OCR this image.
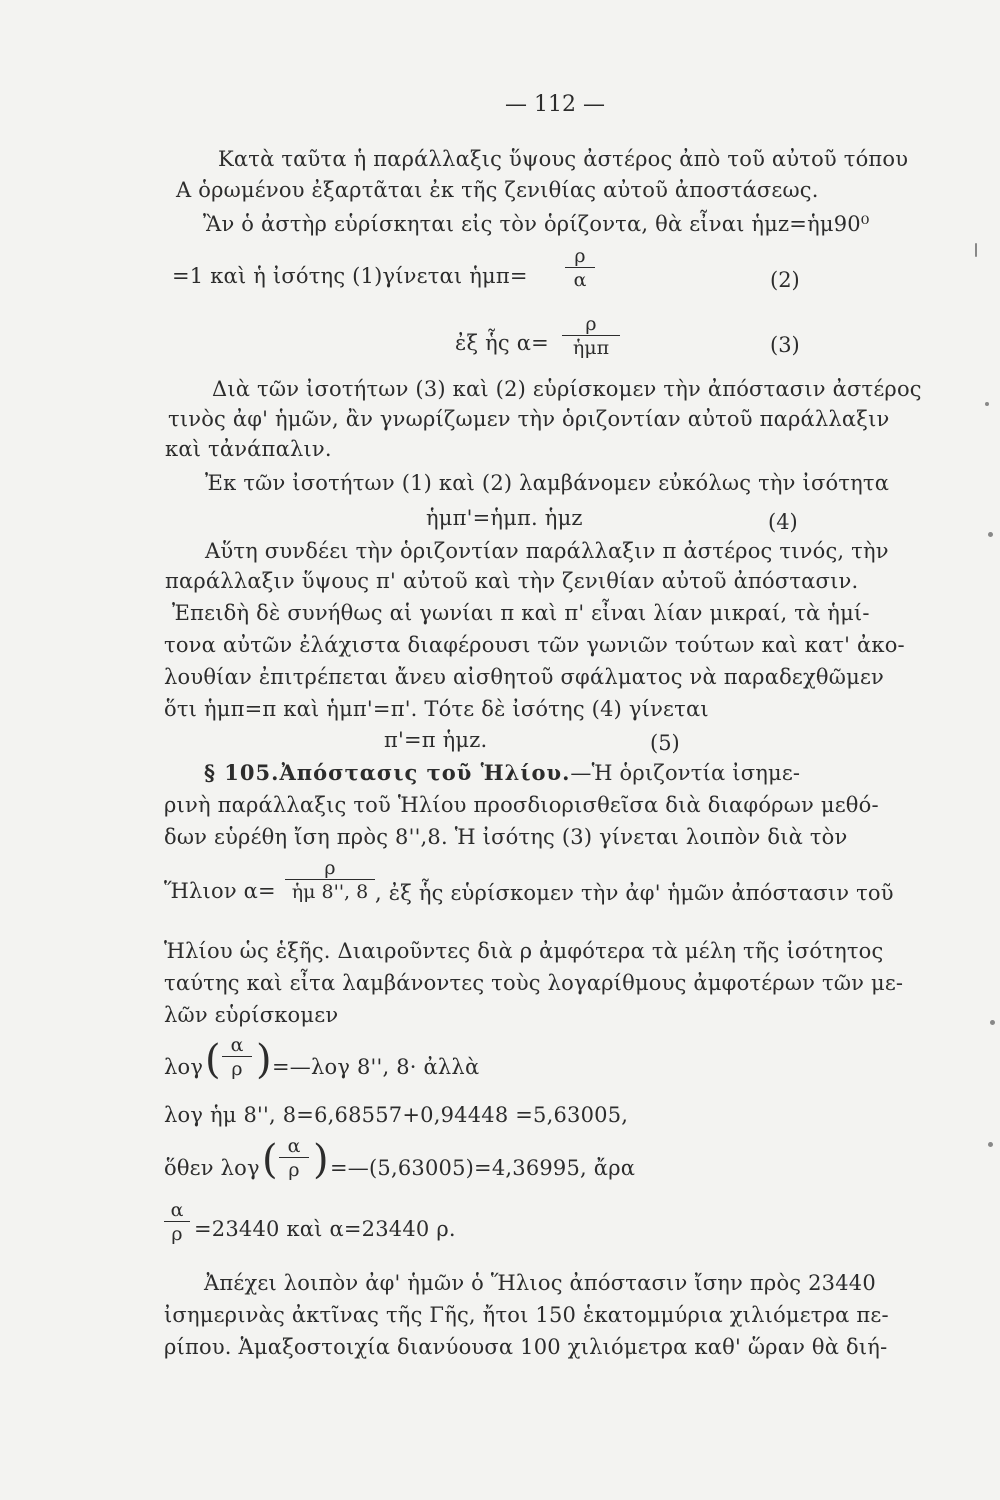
— 112 —
Κατὰ ταῦτα ἡ παράλλαξις ὕψους ἀστέρος ἀπὸ τοῦ αὐτοῦ τόπου
Α ὁρωμένου ἐξαρτᾶται ἐκ τῆς ζενιθίας αὐτοῦ ἀποστάσεως.
Ἂν ὁ ἀστὴρ εὑρίσκηται εἰς τὸν ὁρίζοντα, θὰ εἶναι ἡμz=ἡμ90⁰
=1 καὶ ἡ ἰσότης (1)γίνεται ἡμπ=
ρ
α	(2)
ἐξ ἧς α=
ρ
ἡμπ	(3)
Διὰ τῶν ἰσοτήτων (3) καὶ (2) εὑρίσκομεν τὴν ἀπόστασιν ἀστέρος
τινὸς ἀφ' ἡμῶν, ἂν γνωρίζωμεν τὴν ὁριζοντίαν αὐτοῦ παράλλαξιν
καὶ τἀνάπαλιν.
Ἐκ τῶν ἰσοτήτων (1) καὶ (2) λαμβάνομεν εὐκόλως τὴν ἰσότητα
ἡμπ'=ἡμπ. ἡμz	(4)
Αὕτη συνδέει τὴν ὁριζοντίαν παράλλαξιν π ἀστέρος τινός, τὴν
παράλλαξιν ὕψους π' αὐτοῦ καὶ τὴν ζενιθίαν αὐτοῦ ἀπόστασιν.
Ἐπειδὴ δὲ συνήθως αἱ γωνίαι π καὶ π' εἶναι λίαν μικραί, τὰ ἡμί-
τονα αὐτῶν ἐλάχιστα διαφέρουσι τῶν γωνιῶν τούτων καὶ κατ' ἀκο-
λουθίαν ἐπιτρέπεται ἄνευ αἰσθητοῦ σφάλματος νὰ παραδεχθῶμεν
ὅτι ἡμπ=π καὶ ἡμπ'=π'. Τότε δὲ ἰσότης (4) γίνεται
π'=π ἡμz.	(5)
§ 105.Ἀπόστασις τοῦ Ἡλίου.—Ἡ ὁριζοντία ἰσημε-
ρινὴ παράλλαξις τοῦ Ἡλίου προσδιορισθεῖσα διὰ διαφόρων μεθό-
δων εὑρέθη ἴση πρὸς 8'',8. Ἡ ἰσότης (3) γίνεται λοιπὸν διὰ τὸν
Ἥλιον α=
ρ
ἡμ 8'', 8 , ἐξ ἧς εὑρίσκομεν τὴν ἀφ' ἡμῶν ἀπόστασιν τοῦ
Ἡλίου ὡς ἑξῆς. Διαιροῦντες διὰ ρ ἀμφότερα τὰ μέλη τῆς ἰσότητος
ταύτης καὶ εἶτα λαμβάνοντες τοὺς λογαρίθμους ἀμφοτέρων τῶν με-
λῶν εὑρίσκομεν
λογ ( α
ρ ) =—λογ 8'', 8· ἀλλὰ
λογ ἡμ 8'', 8=6,68557+0,94448 =5,63005,
ὅθεν λογ ( α
ρ ) =—(5,63005)=4,36995, ἄρα
α
ρ =23440 καὶ α=23440 ρ.
Ἀπέχει λοιπὸν ἀφ' ἡμῶν ὁ Ἥλιος ἀπόστασιν ἴσην πρὸς 23440
ἰσημερινὰς ἀκτῖνας τῆς Γῆς, ἤτοι 150 ἑκατομμύρια χιλιόμετρα πε-
ρίπου. Ἁμαξοστοιχία διανύουσα 100 χιλιόμετρα καθ' ὥραν θὰ διή-
